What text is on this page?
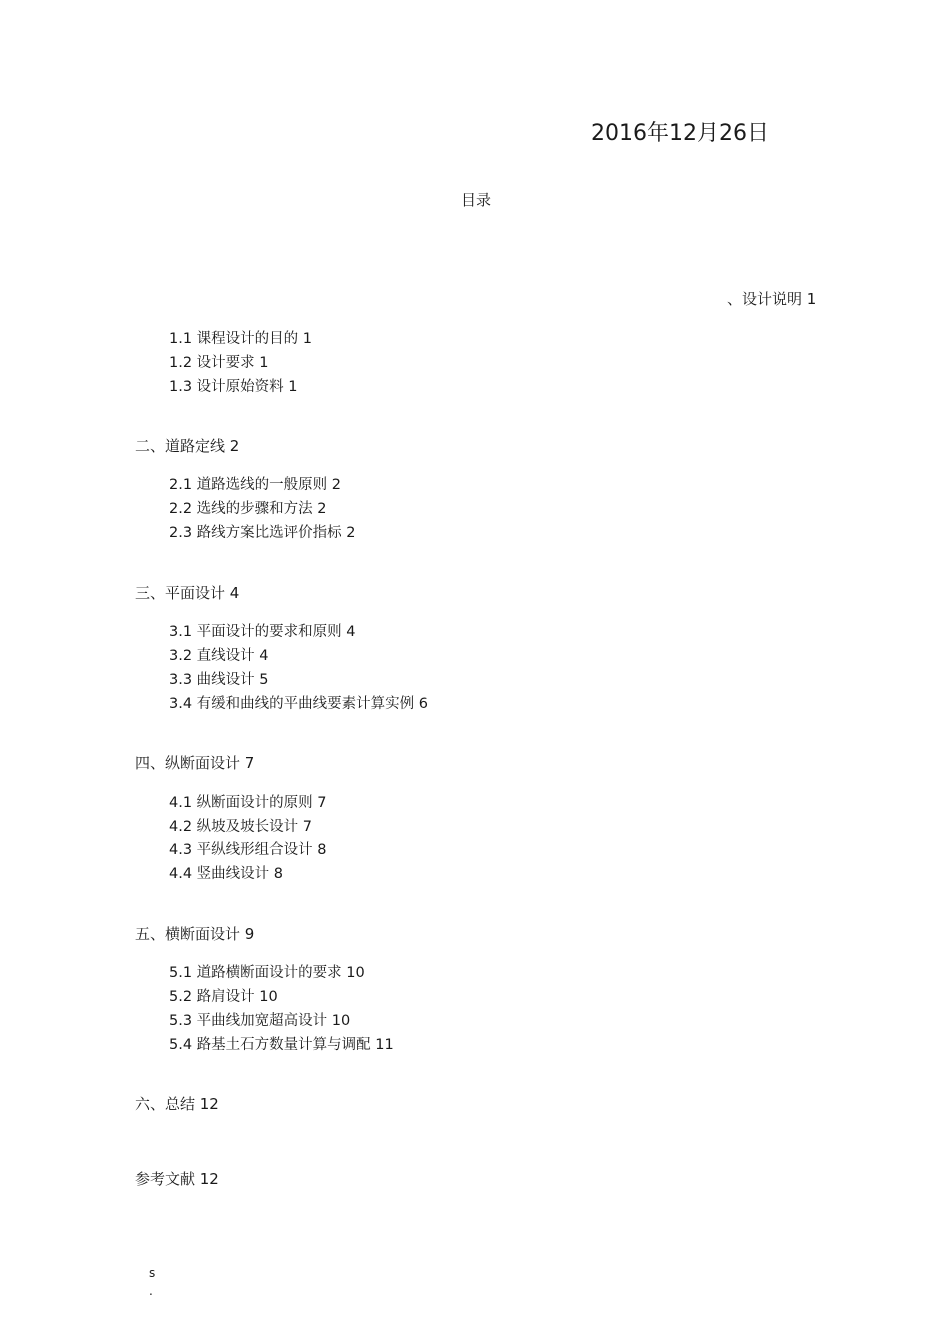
2016年12月26日
目录
、设计说明 1
1.1 课程设计的目的 1
1.2 设计要求 1
1.3 设计原始资料 1
二、道路定线 2
2.1 道路选线的一般原则 2
2.2 选线的步骤和方法 2
2.3 路线方案比选评价指标 2
三、平面设计 4
3.1 平面设计的要求和原则 4
3.2 直线设计 4
3.3 曲线设计 5
3.4 有缓和曲线的平曲线要素计算实例 6
四、纵断面设计 7
4.1 纵断面设计的原则 7
4.2 纵坡及坡长设计 7
4.3 平纵线形组合设计 8
4.4 竖曲线设计 8
五、横断面设计 9
5.1 道路横断面设计的要求 10
5.2 路肩设计 10
5.3 平曲线加宽超高设计 10
5.4 路基土石方数量计算与调配 11
六、总结 12
参考文献 12
s
.
